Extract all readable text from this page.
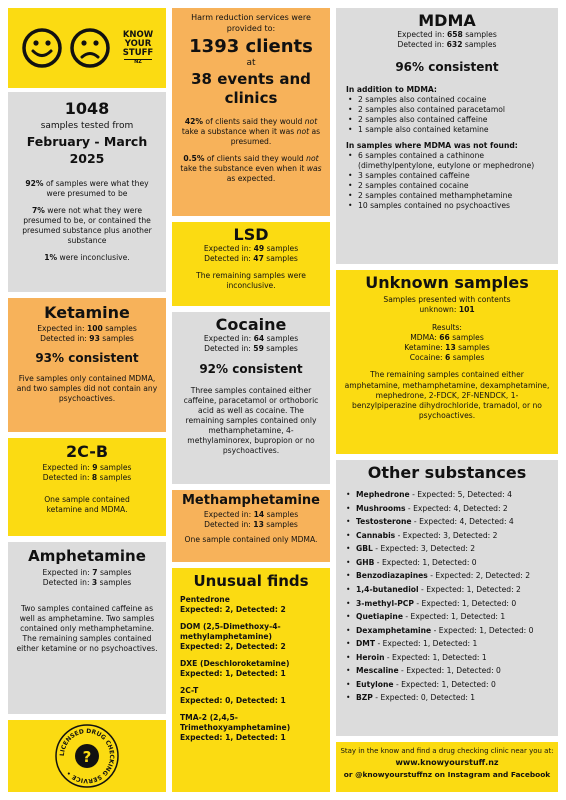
KNOW
YOUR
STUFF
NZ
1048
samples tested from
February - March 2025

92% of samples were what they were presumed to be

7% were not what they were presumed to be, or contained the presumed substance plus another substance

1% were inconclusive.

Harm reduction services were provided to:
1393 clients
at
38 events and clinics

42% of clients said they would not take a substance when it was not as presumed.

0.5% of clients said they would not take the substance even when it was as expected.

MDMA
Expected in: 658 samples
Detected in: 632 samples
96% consistent
In addition to MDMA:
• 2 samples also contained cocaine
• 2 samples also contained paracetamol
• 2 samples also contained caffeine
• 1 sample also contained ketamine
In samples where MDMA was not found:
• 6 samples contained a cathinone (dimethylpentylone, eutylone or mephedrone)
• 3 samples contained caffeine
• 2 samples contained cocaine
• 2 samples contained methamphetamine
• 10 samples contained no psychoactives
LSD
Expected in: 49 samples
Detected in: 47 samples

The remaining samples were inconclusive.

Ketamine
Expected in: 100 samples
Detected in: 93 samples
93% consistent

Five samples only contained MDMA, and two samples did not contain any psychoactives.

Cocaine
Expected in: 64 samples
Detected in: 59 samples
92% consistent

Three samples contained either caffeine, paracetamol or orthoboric acid as well as cocaine. The remaining samples contained only methamphetamine, 4-methylaminorex, bupropion or no psychoactives.

Unknown samples
Samples presented with contents unknown: 101
Results:
MDMA: 66 samples
Ketamine: 13 samples
Cocaine: 6 samples

The remaining samples contained either amphetamine, methamphetamine, dexamphetamine, mephedrone, 2-FDCK, 2F-NENDCK, 1-benzylpiperazine dihydrochloride, tramadol, or no psychoactives.

2C-B
Expected in: 9 samples
Detected in: 8 samples

One sample contained ketamine and MDMA.

Methamphetamine
Expected in: 14 samples
Detected in: 13 samples

One sample contained only MDMA.

Other substances
• Mephedrone - Expected: 5, Detected: 4
• Mushrooms - Expected: 4, Detected: 2
• Testosterone - Expected: 4, Detected: 4
• Cannabis - Expected: 3, Detected: 2
• GBL - Expected: 3, Detected: 2
• GHB - Expected: 1, Detected: 0
• Benzodiazapines - Expected: 2, Detected: 2
• 1,4-butanediol - Expected: 1, Detected: 2
• 3-methyl-PCP - Expected: 1, Detected: 0
• Quetiapine - Expected: 1, Detected: 1
• Dexamphetamine - Expected: 1, Detected: 0
• DMT - Expected: 1, Detected: 1
• Heroin - Expected: 1, Detected: 1
• Mescaline - Expected: 1, Detected: 0
• Eutylone - Expected: 1, Detected: 0
• BZP - Expected: 0, Detected: 1
Amphetamine
Expected in: 7 samples
Detected in: 3 samples

Two samples contained caffeine as well as amphetamine. Two samples contained only methamphetamine. The remaining samples contained either ketamine or no psychoactives.

Unusual finds
Pentedrone
Expected: 2, Detected: 2
DOM (2,5-Dimethoxy-4-methylamphetamine)
Expected: 2, Detected: 2
DXE (Deschloroketamine)
Expected: 1, Detected: 1
2C-T
Expected: 0, Detected: 1
TMA-2 (2,4,5-Trimethoxyamphetamine)
Expected: 1, Detected: 1
?
LICENSED DRUG CHECKING SERVICE •
Stay in the know and find a drug checking clinic near you at:
www.knowyourstuff.nz
or @knowyourstuffnz on Instagram and Facebook
